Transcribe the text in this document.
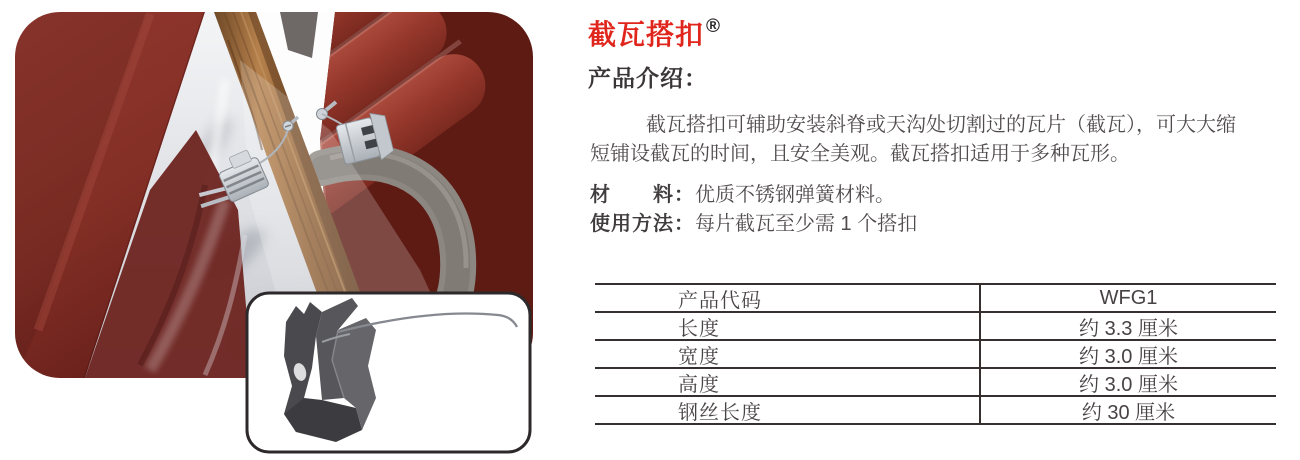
截瓦搭扣 ®
产品介绍：
截瓦搭扣可辅助安装斜脊或天沟处切割过的瓦片（截瓦），可大大缩
短铺设截瓦的时间，且安全美观。截瓦搭扣适用于多种瓦形。
材　　料：优质不锈钢弹簧材料。
使用方法：每片截瓦至少需 1 个搭扣
产品代码	WFG1
长度	约 3.3 厘米
宽度	约 3.0 厘米
高度	约 3.0 厘米
钢丝长度	约 30 厘米
